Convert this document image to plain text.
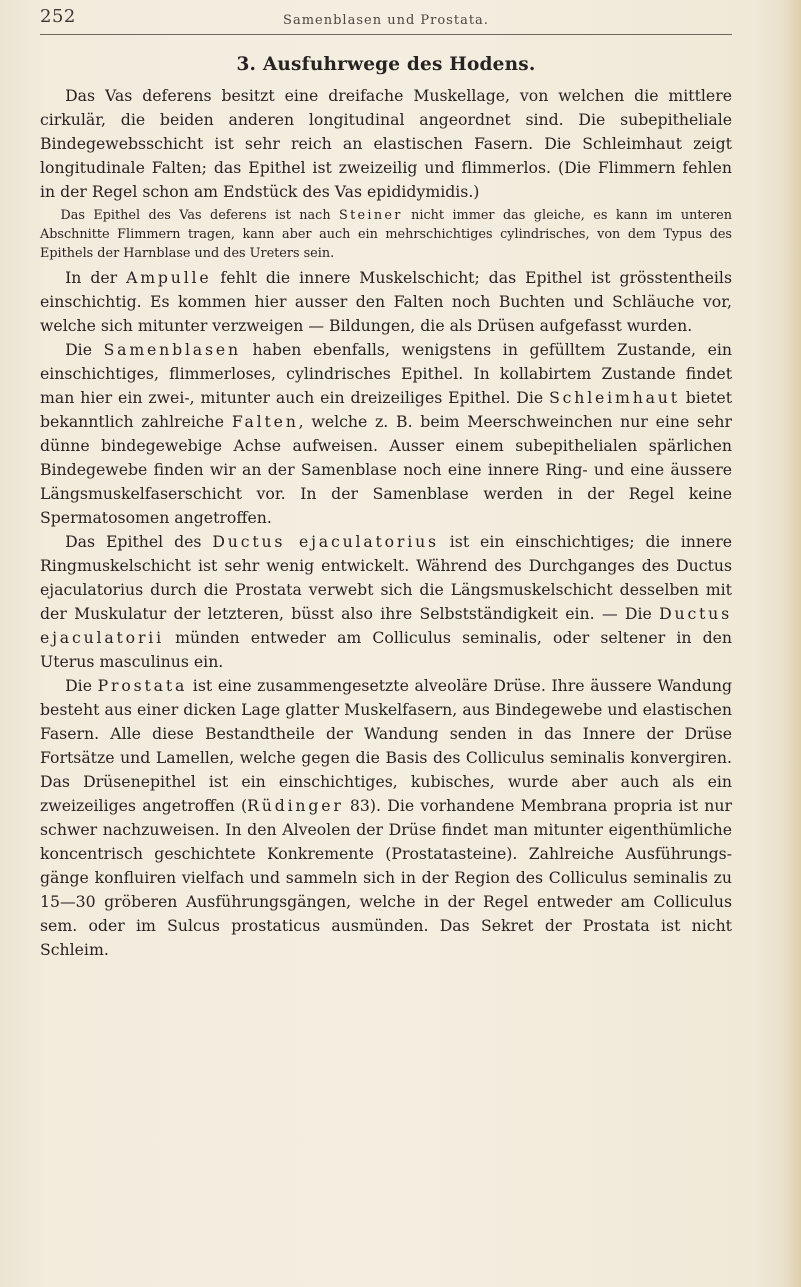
252	Samenblasen und Prostata.
3. Ausfuhrwege des Hodens.

Das Vas deferens besitzt eine dreifache Muskellage, von welchen die mittlere cirkulär, die beiden anderen longitudinal angeordnet sind. Die subepitheliale Bindegewebsschicht ist sehr reich an elastischen Fasern. Die Schleimhaut zeigt longitudinale Falten; das Epithel ist zweizeilig und flimmerlos. (Die Flimmern fehlen in der Regel schon am Endstück des Vas epididymidis.)

Das Epithel des Vas deferens ist nach Steiner nicht immer das gleiche, es kann im unteren Abschnitte Flimmern tragen, kann aber auch ein mehrschichtiges cylindrisches, von dem Typus des Epithels der Harnblase und des Ureters sein.

In der Ampulle fehlt die innere Muskelschicht; das Epithel ist grösstentheils einschichtig. Es kommen hier ausser den Falten noch Buchten und Schläuche vor, welche sich mitunter verzweigen — Bildungen, die als Drüsen aufgefasst wurden.

Die Samenblasen haben ebenfalls, wenigstens in gefülltem Zustande, ein einschichtiges, flimmerloses, cylindrisches Epithel. In kollabirtem Zustande findet man hier ein zwei-, mitunter auch ein dreizeiliges Epithel. Die Schleimhaut bietet bekanntlich zahlreiche Falten, welche z. B. beim Meerschweinchen nur eine sehr dünne bindegewebige Achse aufweisen. Ausser einem subepithelialen spärlichen Bindegewebe finden wir an der Samenblase noch eine innere Ring- und eine äussere Längsmuskelfaserschicht vor. In der Samenblase werden in der Regel keine Spermatosomen angetroffen.

Das Epithel des Ductus ejaculatorius ist ein einschichtiges; die innere Ringmuskelschicht ist sehr wenig entwickelt. Während des Durchganges des Ductus ejaculatorius durch die Prostata verwebt sich die Längsmuskelschicht desselben mit der Muskulatur der letzteren, büsst also ihre Selbstständigkeit ein. — Die Ductus ejaculatorii münden entweder am Colliculus seminalis, oder seltener in den Uterus masculinus ein.

Die Prostata ist eine zusammengesetzte alveoläre Drüse. Ihre äussere Wandung besteht aus einer dicken Lage glatter Muskelfasern, aus Bindegewebe und elastischen Fasern. Alle diese Bestandtheile der Wandung senden in das Innere der Drüse Fortsätze und Lamellen, welche gegen die Basis des Colliculus seminalis konvergiren. Das Drüsenepithel ist ein einschichtiges, kubisches, wurde aber auch als ein zweizeiliges angetroffen (Rüdinger 83). Die vorhandene Membrana propria ist nur schwer nachzuweisen. In den Alveolen der Drüse findet man mitunter eigenthümliche koncentrisch geschichtete Konkremente (Prostatasteine). Zahlreiche Ausführungsgänge konfluiren vielfach und sammeln sich in der Region des Colliculus seminalis zu 15—30 gröberen Ausführungsgängen, welche in der Regel entweder am Colliculus sem. oder im Sulcus prostaticus ausmünden. Das Sekret der Prostata ist nicht Schleim.
